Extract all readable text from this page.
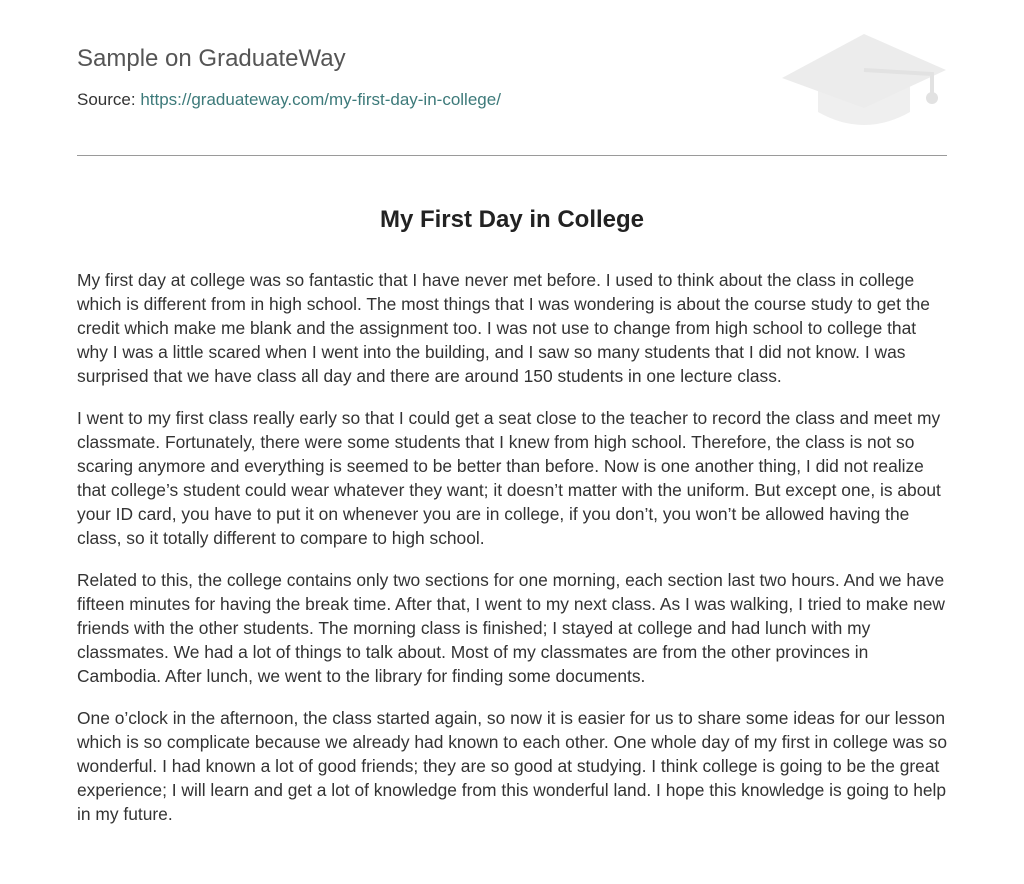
Sample on GraduateWay
Source: https://graduateway.com/my-first-day-in-college/
My First Day in College

My first day at college was so fantastic that I have never met before. I used to think about the class in college which is different from in high school. The most things that I was wondering is about the course study to get the credit which make me blank and the assignment too. I was not use to change from high school to college that why I was a little scared when I went into the building, and I saw so many students that I did not know. I was surprised that we have class all day and there are around 150 students in one lecture class.

I went to my first class really early so that I could get a seat close to the teacher to record the class and meet my classmate. Fortunately, there were some students that I knew from high school. Therefore, the class is not so scaring anymore and everything is seemed to be better than before. Now is one another thing, I did not realize that college’s student could wear whatever they want; it doesn’t matter with the uniform. But except one, is about your ID card, you have to put it on whenever you are in college, if you don’t, you won’t be allowed having the class, so it totally different to compare to high school.

Related to this, the college contains only two sections for one morning, each section last two hours. And we have fifteen minutes for having the break time. After that, I went to my next class. As I was walking, I tried to make new friends with the other students. The morning class is finished; I stayed at college and had lunch with my classmates. We had a lot of things to talk about. Most of my classmates are from the other provinces in Cambodia. After lunch, we went to the library for finding some documents.

One o’clock in the afternoon, the class started again, so now it is easier for us to share some ideas for our lesson which is so complicate because we already had known to each other. One whole day of my first in college was so wonderful. I had known a lot of good friends; they are so good at studying. I think college is going to be the great experience; I will learn and get a lot of knowledge from this wonderful land. I hope this knowledge is going to help in my future.
